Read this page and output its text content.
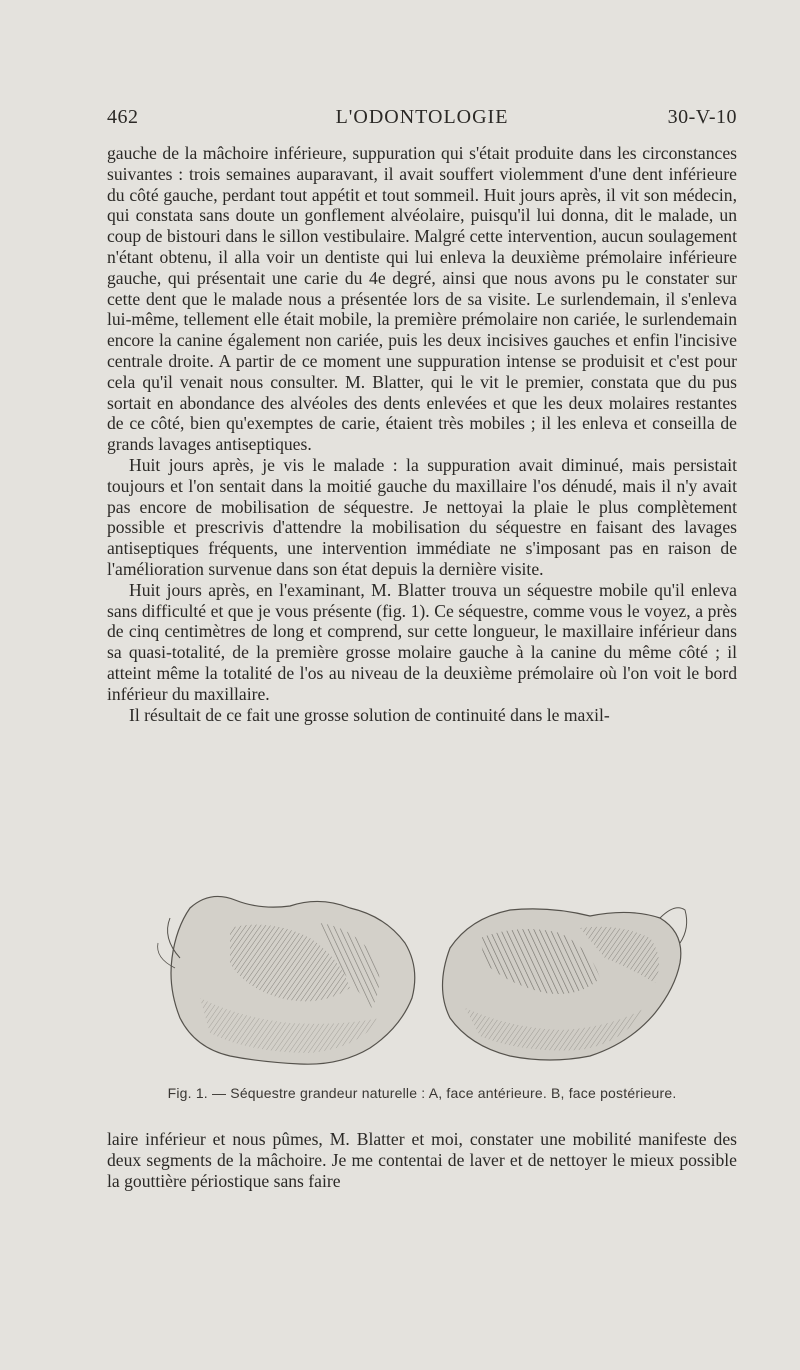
462	L'ODONTOLOGIE	30-V-10

gauche de la mâchoire inférieure, suppuration qui s'était produite dans les circonstances suivantes : trois semaines auparavant, il avait souffert violemment d'une dent inférieure du côté gauche, perdant tout appétit et tout sommeil. Huit jours après, il vit son médecin, qui constata sans doute un gonflement alvéolaire, puisqu'il lui donna, dit le malade, un coup de bistouri dans le sillon vestibulaire. Malgré cette intervention, aucun soulagement n'étant obtenu, il alla voir un dentiste qui lui enleva la deuxième prémolaire inférieure gauche, qui présentait une carie du 4e degré, ainsi que nous avons pu le constater sur cette dent que le malade nous a présentée lors de sa visite. Le surlendemain, il s'enleva lui-même, tellement elle était mobile, la première prémolaire non cariée, le surlendemain encore la canine également non cariée, puis les deux incisives gauches et enfin l'incisive centrale droite. A partir de ce moment une suppuration intense se produisit et c'est pour cela qu'il venait nous consulter. M. Blatter, qui le vit le premier, constata que du pus sortait en abondance des alvéoles des dents enlevées et que les deux molaires restantes de ce côté, bien qu'exemptes de carie, étaient très mobiles ; il les enleva et conseilla de grands lavages antiseptiques.

Huit jours après, je vis le malade : la suppuration avait diminué, mais persistait toujours et l'on sentait dans la moitié gauche du maxillaire l'os dénudé, mais il n'y avait pas encore de mobilisation de séquestre. Je nettoyai la plaie le plus complètement possible et prescrivis d'attendre la mobilisation du séquestre en faisant des lavages antiseptiques fréquents, une intervention immédiate ne s'imposant pas en raison de l'amélioration survenue dans son état depuis la dernière visite.

Huit jours après, en l'examinant, M. Blatter trouva un séquestre mobile qu'il enleva sans difficulté et que je vous présente (fig. 1). Ce séquestre, comme vous le voyez, a près de cinq centimètres de long et comprend, sur cette longueur, le maxillaire inférieur dans sa quasi-totalité, de la première grosse molaire gauche à la canine du même côté ; il atteint même la totalité de l'os au niveau de la deuxième prémolaire où l'on voit le bord inférieur du maxillaire.

Il résultait de ce fait une grosse solution de continuité dans le maxil-

Fig. 1. — Séquestre grandeur naturelle : A, face antérieure. B, face postérieure.

laire inférieur et nous pûmes, M. Blatter et moi, constater une mobilité manifeste des deux segments de la mâchoire. Je me contentai de laver et de nettoyer le mieux possible la gouttière périostique sans faire
